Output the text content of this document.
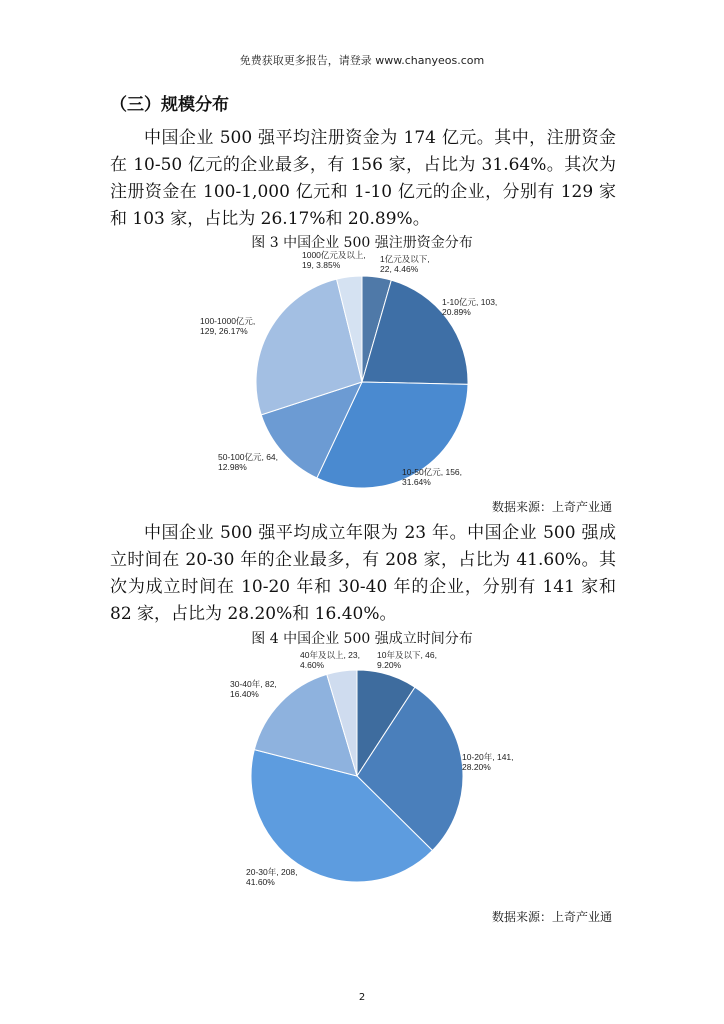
免费获取更多报告，请登录 www.chanyeos.com
（三）规模分布

中国企业 500 强平均注册资金为 174 亿元。其中，注册资金在 10-50 亿元的企业最多，有 156 家，占比为 31.64%。其次为注册资金在 100-1,000 亿元和 1-10 亿元的企业，分别有 129 家和 103 家，占比为 26.17%和 20.89%。

图 3 中国企业 500 强注册资金分布
1亿元及以下, 22, 4.46%
1-10亿元, 103, 20.89%
10-50亿元, 156, 31.64%
50-100亿元, 64, 12.98%
100-1000亿元, 129, 26.17%
1000亿元及以上, 19, 3.85%
数据来源：上奇产业通

中国企业 500 强平均成立年限为 23 年。中国企业 500 强成立时间在 20-30 年的企业最多，有 208 家，占比为 41.60%。其次为成立时间在 10-20 年和 30-40 年的企业，分别有 141 家和 82 家，占比为 28.20%和 16.40%。

图 4 中国企业 500 强成立时间分布
10年及以下, 46, 9.20%
10-20年, 141, 28.20%
20-30年, 208, 41.60%
30-40年, 82, 16.40%
40年及以上, 23, 4.60%
数据来源：上奇产业通
2
